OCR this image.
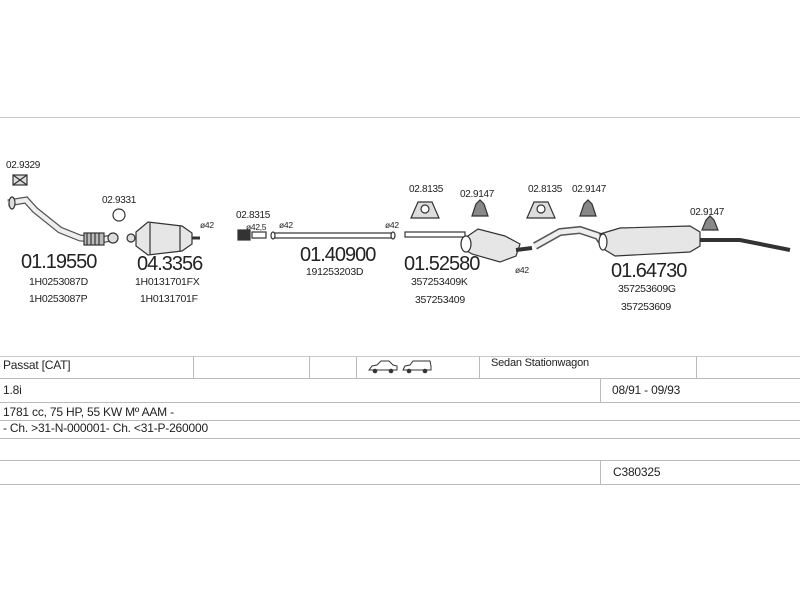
02.9329
02.9331
02.8315
02.8135 02.9147	02.8135 02.9147
02.9147
ø42	ø42,5 ø42	ø42
ø42
01.19550
1H0253087D
1H0253087P
04.3356
1H0131701FX
1H0131701F
01.40900
191253203D 01.52580
357253409K
357253409
01.64730
357253609G
357253609
Passat [CAT]	Sedan Stationwagon
1.8i	08/91 - 09/93
1781 cc, 75 HP, 55 KW Mº AAM -
- Ch. >31-N-000001- Ch. <31-P-260000
C380325
